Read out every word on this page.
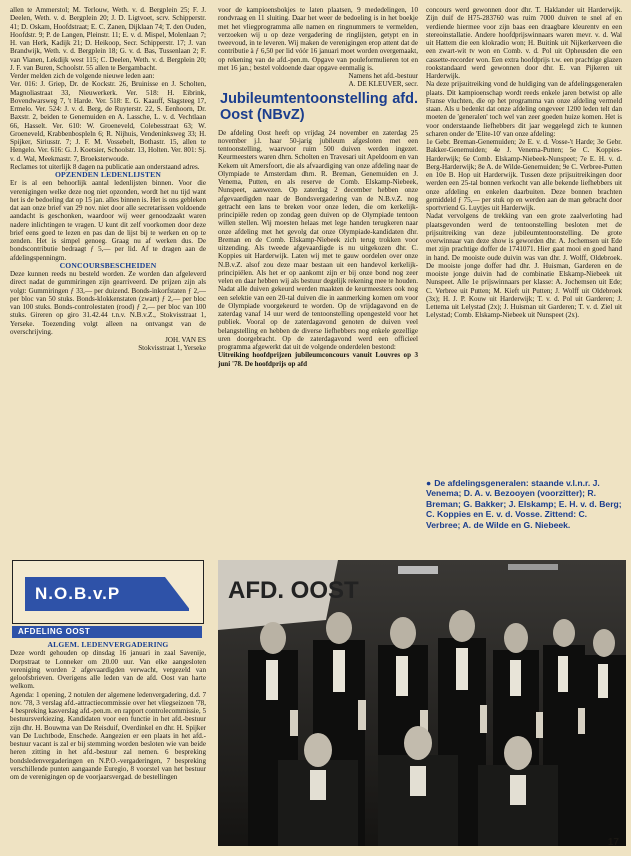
allen te Ammerstol; M. Terlouw, Weth. v. d. Bergplein 25; F. J. Deelen, Weth. v. d. Bergplein 20; J. D. Ligtvoet, scrv. Schipperstr. 41; D. Oskam, Hoofdstraat; E. C. Zanen, Dijklaan 74; T. den Ouden, Hoofdstr. 9; P. de Langen, Pleinstr. 11; E. v. d. Mispel, Molenlaan 7; H. van Herk, Kadijk 21; D. Heikoop, Secr. Schipperstr. 17; J. van Brandwijk, Weth. v. d. Bergplein 18; G. v. d. Bas, Tussenlaan 2; F. van Vianen, Lekdijk west 115; C. Deelen, Weth. v. d. Bergplein 20; J. F. van Buren, Schoolstr. 55 allen te Bergambacht.

Verder melden zich de volgende nieuwe leden aan:

Ver. 016: J. Griep, Dr. de Kockstr. 26, Bruinisse en J. Scholten, Magnoliastraat 33, Nieuwerkerk. Ver. 518: H. Eibrink, Bovendwarsweg 7, 't Harde. Ver. 518: E. G. Kaauff, Slagsteeg 17, Ermelo. Ver. 524: J. v. d. Berg, de Ruyterstr. 22, S. Eenhoorn, Dr. Baxstr. 2, beiden te Genemuiden en A. Lassche, L. v. d. Vechtlaan 66, Hasselt. Ver. 610: W. Groeneveld, Colebesstraat 63; W. Groeneveld, Krabbenbospleln 6; R. Nijhuis, Vendeninksweg 33; H. Spijker, Siriusstr. 7; J. F. M. Vossebelt, Bothastr. 15, allen te Hengelo. Ver. 616: G. J. Koetsier, Schoolstr. 13, Holten. Ver. 801: Sj. v. d. Wal, Meekmastr. 7, Broeksterwoude.

Reclames tot uiterlijk 8 dagen na publicatie aan onderstaand adres.

OPZENDEN LEDENLIJSTEN

Er is al een behoorlijk aantal ledenlijsten binnen. Voor die verenigingen welke deze nog niet opzonden, wordt het nu tijd want het is de bedoeling dat op 15 jan. alles binnen is. Het is ons gebleken dat aan onze brief van 29 nov. niet door alle secretarissen voldoende aandacht is geschonken, waardoor wij weer genoodzaakt waren nadere inlichtingen te vragen. U kunt dit zelf voorkomen door deze brief eens goed te lezen en pas dan de lijst bij te werken en op te zenden. Het is simpel genoeg. Graag nu af werken dus. De bondscontributie bedraagt ƒ 5,— per lid. Af te dragen aan de afdelingspenningm.

CONCOURSBESCHEIDEN

Deze kunnen reeds nu besteld worden. Ze worden dan afgeleverd direct nadat de gummiringen zijn gearriveerd. De prijzen zijn als volgt: Gummiringen ƒ 33,— per duizend. Bonds-inkorfstaten ƒ 2,— per bloc van 50 stuks. Bonds-klokkenstaten (zwart) ƒ 2,— per bloc van 100 stuks. Bonds-controlestaten (rood) ƒ 2,— per bloc van 100 stuks. Gireren op giro 31.42.44 t.n.v. N.B.v.Z., Stokvisstraat 1, Yerseke. Toezending volgt alleen na ontvangst van de overschrijving.

JOH. VAN ES

Stokvisstraat 1, Yerseke

N.O.B.v.P
AFDELING OOST

ALGEM. LEDENVERGADERING

Deze wordt gehouden op dinsdag 16 januari in zaal Savenije, Dorpstraat te Lonneker om 20.00 uur. Van elke aangesloten vereniging worden 2 afgevaardigden verwacht, vergezeld van geloofsbrieven. Overigens alle leden van de afd. Oost van harte welkom.

Agenda: 1 opening, 2 notulen der algemene ledenvergadering, d.d. 7 nov. '78, 3 verslag afd.-attractiecommissie over het vliegseizoen '78, 4 bespreking kasverslag afd.-pen.m. en rapport controlecommissie, 5 bestuursverkiezing. Kandidaten voor een functie in het afd.-bestuur zijn dhr. H. Bouwma van De Reisduif, Overdinkel en dhr. H. Spijker van De Luchtbode, Enschede. Aangezien er een plaats in het afd.-bestuur vacant is zal er bij stemming worden besloten wie van beide heren zitting in het afd.-bestuur zal nemen. 6 bespreking bondsledenvergaderingen en N.P.O.-vergaderingen, 7 bespreking verschillende punten aangaande Euregio, 8 voorstel van het bestuur om de verenigingen op de voorjaarsvergad. de bestellingen

voor de kampioensbokjes te laten plaatsen, 9 mededelingen, 10 rondvraag en 11 sluiting. Daar het weer de bedoeling is in het boekje met het vliegprogramma alle namen en ringnummers te vermelden, verzoeken wij u op deze vergadering de ringlijsten, getypt en in tweevoud, in te leveren. Wij maken de verenigingen erop attent dat de contributie à ƒ 6,50 per lid vóór 16 januari moet worden overgemaakt, op rekening van de afd.-pen.m. Opgave van pouleformulieren tot en met 16 jan.; bestel voldoende daar opgave eenmalig is.

Namens het afd.-bestuur

A. DE KLEUVER, secr.

Jubileumtentoonstelling afd. Oost (NBvZ)

De afdeling Oost heeft op vrijdag 24 november en zaterdag 25 november j.l. haar 50-jarig jubileum afgesloten met een tentoonstelling, waarvoor ruim 500 duiven werden ingezet. Keurmeesters waren dhrn. Scholten en Travesari uit Apeldoorn en van Kekem uit Amersfoort, die als afvaardiging van onze afdeling naar de Olympiade te Amsterdam dhrn. R. Breman, Genemuiden en J. Venema, Putten, en als reserve de Comb. Elskamp-Niebeek, Nunspeet, aanwezen. Op zaterdag 2 december hebben onze afgevaardigden naar de Bondsvergadering van de N.B.v.Z. nog getracht een lans te breken voor onze leden, die om kerkelijk-principiële reden op zondag geen duiven op de Olympiade tentoon willen stellen. Wij moesten helaas met lege handen terugkeren naar onze afdeling met het gevolg dat onze Olympiade-kandidaten dhr. Breman en de Comb. Elskamp-Niebeek zich terug trokken voor uitzending. Als tweede afgevaardigde is nu uitgekozen dhr. C. Koppies uit Harderwijk. Laten wij met te gauw oordelen over onze N.B.v.Z. alsof zou deze maar bestaan uit een handevol kerkelijk-principiëlen. Als het er op aankomt zijn er bij onze bond nog zeer velen en daar hebben wij als bestuur degelijk rekening mee te houden. Nadat alle duiven gekeurd werden maakten de keurmeesters ook nog een selektie van een 20-tal duiven die in aanmerking komen om voor de Olympiade voorgekeurd te worden. Op de vrijdagavond en de zaterdag vanaf 14 uur werd de tentoonstelling opengesteld voor het publiek. Vooral op de zaterdagavond genoten de duiven veel belangstelling en hebben de diverse liefhebbers nog enkele gezellige uren doorgebracht. Op de zaterdagavond werd een officieel programma afgewerkt dat uit de volgende onderdelen bestond:

Uitreiking hoofdprijzen jubileumconcours vanuit Louvres op 3 juni '78. De hoofdprijs op afd

concours werd gewonnen door dhr. T. Haklander uit Harderwijk. Zijn duif de H75-283760 was ruim 7000 duiven te snel af en verdiende hiermee voor zijn baas een draagbare kleurentv en een stereoinstallatie. Andere hoofdprijswinnaars waren mevr. v. d. Wal uit Hattem die een klokradio won; H. Buitink uit Nijkerkerveen die een zwart-wit tv won en Comb. v. d. Pol uit Opheusden die een cassette-recorder won. Een extra hoofdprijs t.w. een prachtige glazen rookstandaard werd gewonnen door dhr. E. van Pijkeren uit Harderwijk.

Na deze prijsuitreiking vond de huldiging van de afdelingsgeneralen plaats. Dit kampioenschap wordt reeds enkele jaren betwist op alle Franse vluchten, die op het programma van onze afdeling vermeld staan. Als u bedenkt dat onze afdeling ongeveer 1200 leden telt dan moeten de 'generalen' toch wel van zeer goeden huize komen. Het is voor onderstaande liefhebbers dit jaar weggelegd zich te kunnen scharen onder de 'Elite-10' van onze afdeling:

1e Gebr. Breman-Genemuiden; 2e E. v. d. Vosse-'t Harde; 3e Gebr. Bakker-Genemuiden; 4e J. Venema-Putten; 5e C. Koppies-Harderwijk; 6e Comb. Elskamp-Niebeek-Nunspeet; 7e E. H. v. d. Berg-Harderwijk; 8e A. de Wilde-Genemuiden; 9e C. Verbree-Putten en 10e B. Hop uit Harderwijk. Tussen deze prijsuitreikingen door werden een 25-tal bonnen verkocht van alle bekende liefhebbers uit onze afdeling en enkelen daarbuiten. Deze bonnen brachten gemiddeld ƒ 75,— per stuk op en werden aan de man gebracht door sportvriend G. Luytjes uit Harderwijk.

Nadat vervolgens de trekking van een grote zaalverloting had plaatsgevonden werd de tentoonstelling besloten met de prijsuitreiking van deze jubileumtentoonstelling. De grote overwinnaar van deze show is geworden dhr. A. Jochemsen uit Ede met zijn prachtige doffer de 1741071. Hier gaat mooi en goed hand in hand. De mooiste oude duivin was van dhr. J. Wolff, Oldebroek. De mooiste jonge doffer had dhr. J. Huisman, Garderen en de mooiste jonge duivin had de combinatie Elskamp-Niebeek uit Nunspeet. Alle 1e prijswinnaars per klasse: A. Jochemsen uit Ede; C. Verbree uit Putten; M. Kieft uit Putten; J. Wolff uit Oldebroek (3x); H. J. P. Kouw uit Harderwijk; T. v. d. Pol uit Garderen; J. Lettema uit Lelystad (2x); J. Huisman uit Garderen; T. v. d. Ziel uit Lelystad; Comb. Elskamp-Niebeek uit Nunspeet (2x).

● De afdelingsgeneralen: staande v.l.n.r. J. Venema; D. A. v. Bezooyen (voorzitter); R. Breman; G. Bakker; J. Elskamp; E. H. v. d. Berg; C. Koppies en E. v. d. Vosse. Zittend: C. Verbree; A. de Wilde en G. Niebeek.
AFD. OOST
17
